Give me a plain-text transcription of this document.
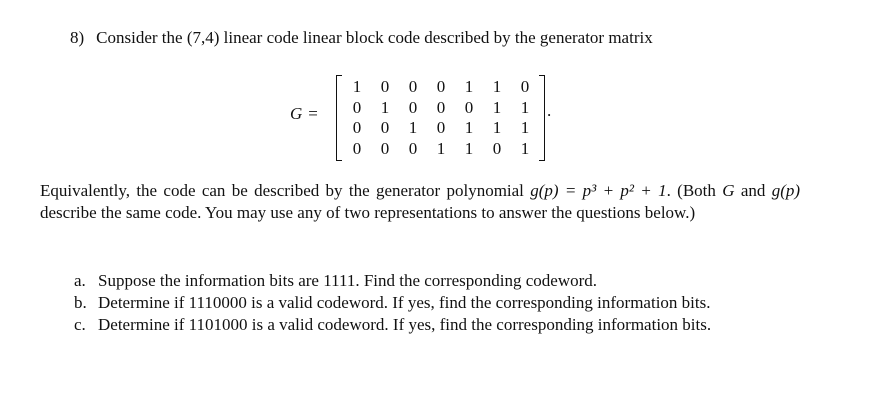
8) Consider the (7,4) linear code linear block code described by the generator matrix
G =
1	0	0	0	1	1	0
0	1	0	0	0	1	1
0	0	1	0	1	1	1
0	0	0	1	1	0	1
.
Equivalently, the code can be described by the generator polynomial g(p) = p³ + p² + 1. (Both G and g(p) describe the same code. You may use any of two representations to answer the questions below.)
a. Suppose the information bits are 1111. Find the corresponding codeword.
b. Determine if 1110000 is a valid codeword. If yes, find the corresponding information bits.
c. Determine if 1101000 is a valid codeword. If yes, find the corresponding information bits.
